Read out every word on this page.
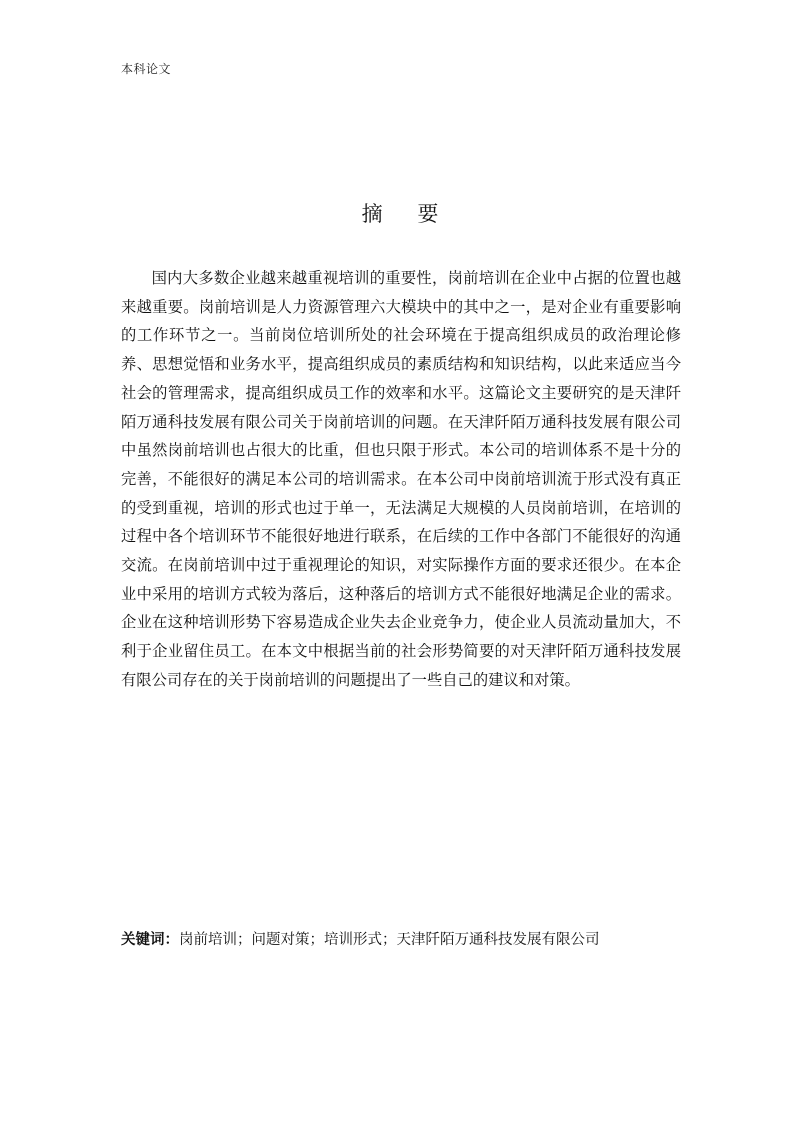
本科论文
摘 要

国内大多数企业越来越重视培训的重要性，岗前培训在企业中占据的位置也越来越重要。岗前培训是人力资源管理六大模块中的其中之一，是对企业有重要影响的工作环节之一。当前岗位培训所处的社会环境在于提高组织成员的政治理论修养、思想觉悟和业务水平，提高组织成员的素质结构和知识结构，以此来适应当今社会的管理需求，提高组织成员工作的效率和水平。这篇论文主要研究的是天津阡陌万通科技发展有限公司关于岗前培训的问题。在天津阡陌万通科技发展有限公司中虽然岗前培训也占很大的比重，但也只限于形式。本公司的培训体系不是十分的完善，不能很好的满足本公司的培训需求。在本公司中岗前培训流于形式没有真正的受到重视，培训的形式也过于单一，无法满足大规模的人员岗前培训，在培训的过程中各个培训环节不能很好地进行联系，在后续的工作中各部门不能很好的沟通交流。在岗前培训中过于重视理论的知识，对实际操作方面的要求还很少。在本企业中采用的培训方式较为落后，这种落后的培训方式不能很好地满足企业的需求。企业在这种培训形势下容易造成企业失去企业竞争力，使企业人员流动量加大，不利于企业留住员工。在本文中根据当前的社会形势简要的对天津阡陌万通科技发展有限公司存在的关于岗前培训的问题提出了一些自己的建议和对策。

关键词：岗前培训；问题对策；培训形式；天津阡陌万通科技发展有限公司
